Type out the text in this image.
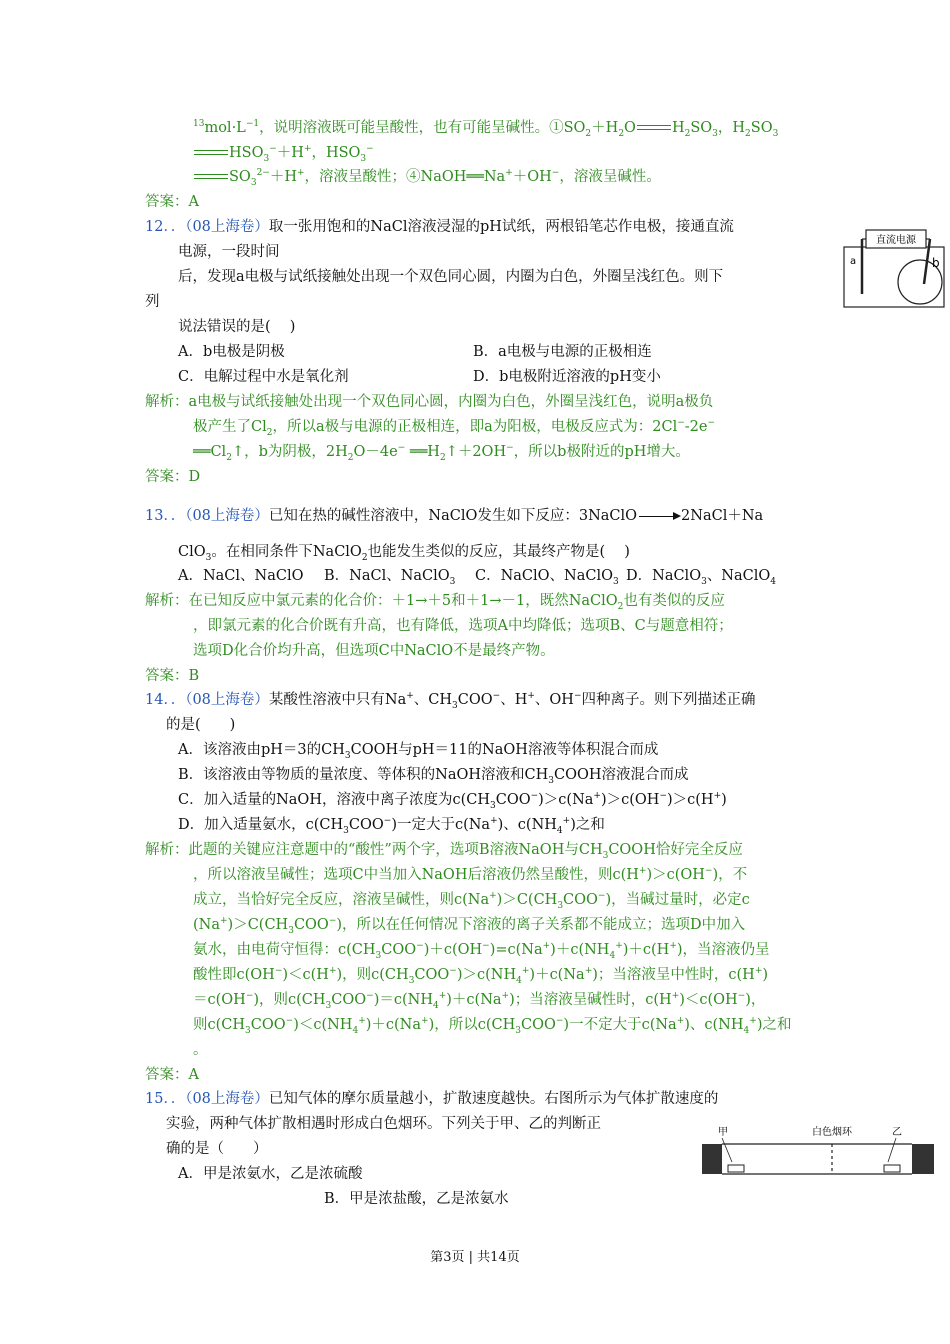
$^{13}mol\cdot L^{-1}$，说明溶液既可能呈酸性，也有可能呈碱性。$①SO_2+H_2O$ $H_2SO_3$，$H_2SO_3$
$HSO_3^-+H^+$，$HSO_3^-$
$SO_3^{2-}+H^+$，溶液呈酸性；④NaOH══Na+＋OH−，溶液呈碱性。
答案：A
12．．（08上海卷）取一张用饱和的NaCl溶液浸湿的pH试纸，两根铅笔芯作电极，接通直流
电源，一段时间
后，发现a电极与试纸接触处出现一个双色同心圆，内圈为白色，外圈呈浅红色。则下
列
说法错误的是(　 )
A．b电极是阴极	B．a电极与电源的正极相连
C．电解过程中水是氧化剂	D．b电极附近溶液的pH变小
解析：a电极与试纸接触处出现一个双色同心圆，内圈为白色，外圈呈浅红色，说明a极负
极产生了$Cl_2$，所以a极与电源的正极相连，即a为阳极，电极反应式为：2Cl−-2e−
$══Cl_2↑$，b为阴极，$2H_2O-4e^-$ $══H_2↑+2OH^-$，所以b极附近的pH增大。
答案：D
直流电源
a	b
13．．（08上海卷）已知在热的碱性溶液中，NaClO发生如下反应：3NaClO	2NaCl＋Na
ClO$_3$。在相同条件下NaClO$_2$也能发生类似的反应，其最终产物是(　 )
A．NaCl、NaClO B．NaCl、NaClO$_3$ C．NaClO、NaClO$_3$ D．NaClO$_3$、NaClO$_4$
解析：在已知反应中氯元素的化合价：＋1→＋5和＋1→－1，既然NaClO$_2$也有类似的反应
，即氯元素的化合价既有升高，也有降低，选项A中均降低；选项B、C与题意相符；
选项D化合价均升高，但选项C中NaClO不是最终产物。
答案：B
14．．（08上海卷）某酸性溶液中只有Na+、$CH_3COO^-$、H+、OH−四种离子。则下列描述正确
的是(　　)
A．该溶液由pH＝3的$CH_3COOH$与pH＝11的NaOH溶液等体积混合而成
B．该溶液由等物质的量浓度、等体积的NaOH溶液和$CH_3COOH$溶液混合而成
C．加入适量的NaOH，溶液中离子浓度为$c(CH_3COO^-)>c(Na^+)>c(OH^-)>c(H^+)$
D．加入适量氨水，$c(CH_3COO^-)$一定大于c(Na+)、$c(NH_4^+)$之和
解析：此题的关键应注意题中的“酸性”两个字，选项B溶液NaOH与$CH_3COOH$恰好完全反应
，所以溶液呈碱性；选项C中当加入NaOH后溶液仍然呈酸性，则c(H+)＞c(OH−)，不
成立，当恰好完全反应，溶液呈碱性，则$c(Na^+)>C(CH_3COO^-)$，当碱过量时，必定c
$(Na^+)>C(CH_3COO^-)$，所以在任何情况下溶液的离子关系都不能成立；选项D中加入
氨水，由电荷守恒得：$c(CH_3COO^-)+c(OH^-)=c(Na^+)+c(NH_4^+)+c(H^+)$，当溶液仍呈
酸性即c(OH−)＜c(H+)，则$c(CH_3COO^-)>c(NH_4^+)+c(Na^+)$；当溶液呈中性时，c(H+)
＝c(OH−)，则$c(CH_3COO^-)=c(NH_4^+)+c(Na^+)$；当溶液呈碱性时，c(H+)＜c(OH−)，
则$c(CH_3COO^-)<c(NH_4^+)+c(Na^+)$，所以$c(CH_3COO^-)$一不定大于c(Na+)、$c(NH_4^+)$之和
。
答案：A
15．．（08上海卷）已知气体的摩尔质量越小，扩散速度越快。右图所示为气体扩散速度的
实验，两种气体扩散相遇时形成白色烟环。下列关于甲、乙的判断正
确的是（　　）
A．甲是浓氨水，乙是浓硫酸
B．甲是浓盐酸，乙是浓氨水
甲	白色烟环	乙
第3页 | 共14页
